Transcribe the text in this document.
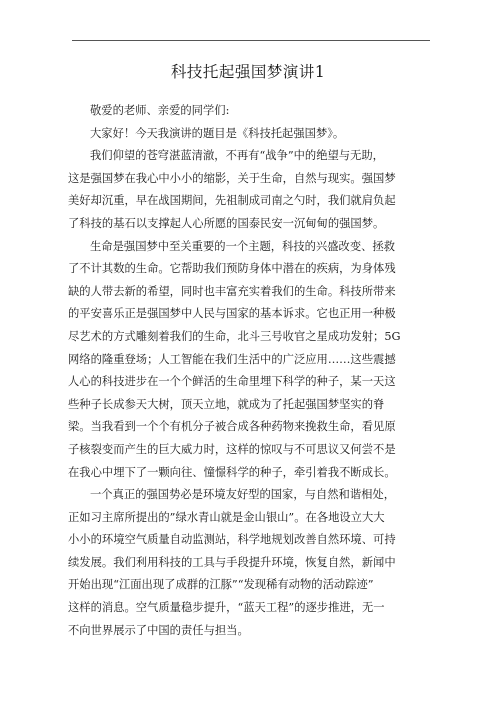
科技托起强国梦演讲1
敬爱的老师、亲爱的同学们:
大家好！今天我演讲的题目是《科技托起强国梦》。
我们仰望的苍穹湛蓝清澈，不再有“战争”中的绝望与无助，
这是强国梦在我心中小小的缩影，关于生命，自然与现实。强国梦
美好却沉重，早在战国期间，先祖制成司南之勺时，我们就肩负起
了科技的基石以支撑起人心所愿的国泰民安一沉甸甸的强国梦。
生命是强国梦中至关重要的一个主题，科技的兴盛改变、拯救
了不计其数的生命。它帮助我们预防身体中潜在的疾病，为身体残
缺的人带去新的希望，同时也丰富充实着我们的生命。科技所带来
的平安喜乐正是强国梦中人民与国家的基本诉求。它也正用一种极
尽艺术的方式雕刻着我们的生命，北斗三号收官之星成功发射；5G
网络的隆重登场；人工智能在我们生活中的广泛应用……这些震撼
人心的科技进步在一个个鲜活的生命里埋下科学的种子，某一天这
些种子长成参天大树，顶天立地，就成为了托起强国梦坚实的脊
梁。当我看到一个个有机分子被合成各种药物来挽救生命，看见原
子核裂变而产生的巨大威力时，这样的惊叹与不可思议又何尝不是
在我心中埋下了一颗向往、憧憬科学的种子，牵引着我不断成长。
一个真正的强国势必是环境友好型的国家，与自然和谐相处，
正如习主席所提出的”绿水青山就是金山银山”。在各地设立大大
小小的环境空气质量自动监测站，科学地规划改善自然环境、可持
续发展。我们利用科技的工具与手段提升环境，恢复自然，新闻中
开始出现“江面出现了成群的江豚”“发现稀有动物的活动踪迹”
这样的消息。空气质量稳步提升，“蓝天工程”的逐步推进，无一
不向世界展示了中国的责任与担当。
